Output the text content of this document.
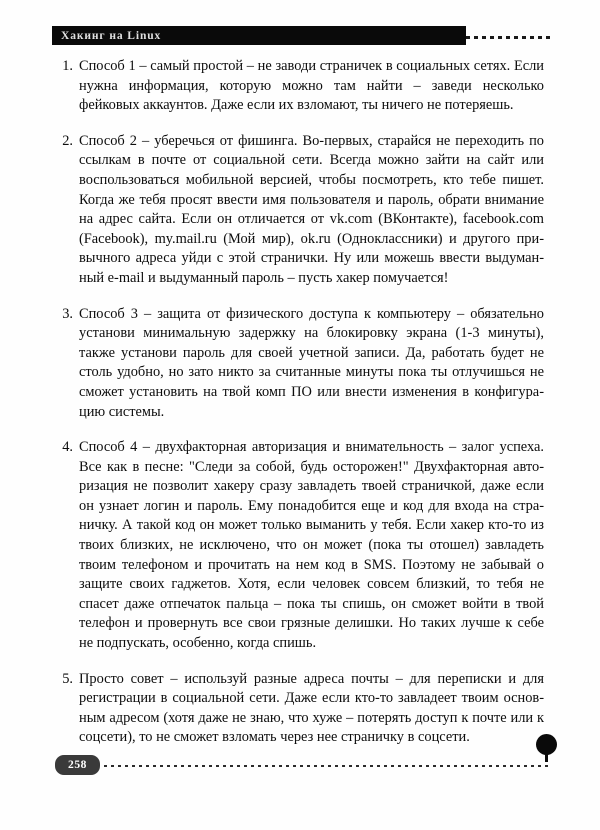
Хакинг на Linux
1. Способ 1 – самый простой – не заводи страничек в социальных сетях. Если нужна информация, которую можно там найти – заведи несколько фейковых аккаунтов. Даже если их взломают, ты ничего не потеряешь.
2. Способ 2 – уберечься от фишинга. Во-первых, старайся не переходить по ссылкам в почте от социальной сети. Всегда можно зайти на сайт или воспользоваться мобильной версией, чтобы посмотреть, кто тебе пишет. Когда же тебя просят ввести имя пользователя и пароль, обрати внимание на адрес сайта. Если он отличается от vk.com (ВКонтакте), facebook.com (Facebook), my.mail.ru (Мой мир), ok.ru (Одноклассники) и другого при-вычного адреса уйди с этой странички. Ну или можешь ввести выдуман-ный e-mail и выдуманный пароль – пусть хакер помучается!
3. Способ 3 – защита от физического доступа к компьютеру – обязательно установи минимальную задержку на блокировку экрана (1-3 минуты), также установи пароль для своей учетной записи. Да, работать будет не столь удобно, но зато никто за считанные минуты пока ты отлучишься не сможет установить на твой комп ПО или внести изменения в конфигура-цию системы.
4. Способ 4 – двухфакторная авторизация и внимательность – залог успеха. Все как в песне: "Следи за собой, будь осторожен!" Двухфакторная авто-ризация не позволит хакеру сразу завладеть твоей страничкой, даже если он узнает логин и пароль. Ему понадобится еще и код для входа на стра-ничку. А такой код он может только выманить у тебя. Если хакер кто-то из твоих близких, не исключено, что он может (пока ты отошел) завладеть твоим телефоном и прочитать на нем код в SMS. Поэтому не забывай о защите своих гаджетов. Хотя, если человек совсем близкий, то тебя не спасет даже отпечаток пальца – пока ты спишь, он сможет войти в твой телефон и провернуть все свои грязные делишки. Но таких лучше к себе не подпускать, особенно, когда спишь.
5. Просто совет – используй разные адреса почты – для переписки и для регистрации в социальной сети. Даже если кто-то завладеет твоим основ-ным адресом (хотя даже не знаю, что хуже – потерять доступ к почте или к соцсети), то не сможет взломать через нее страничку в соцсети.
258
